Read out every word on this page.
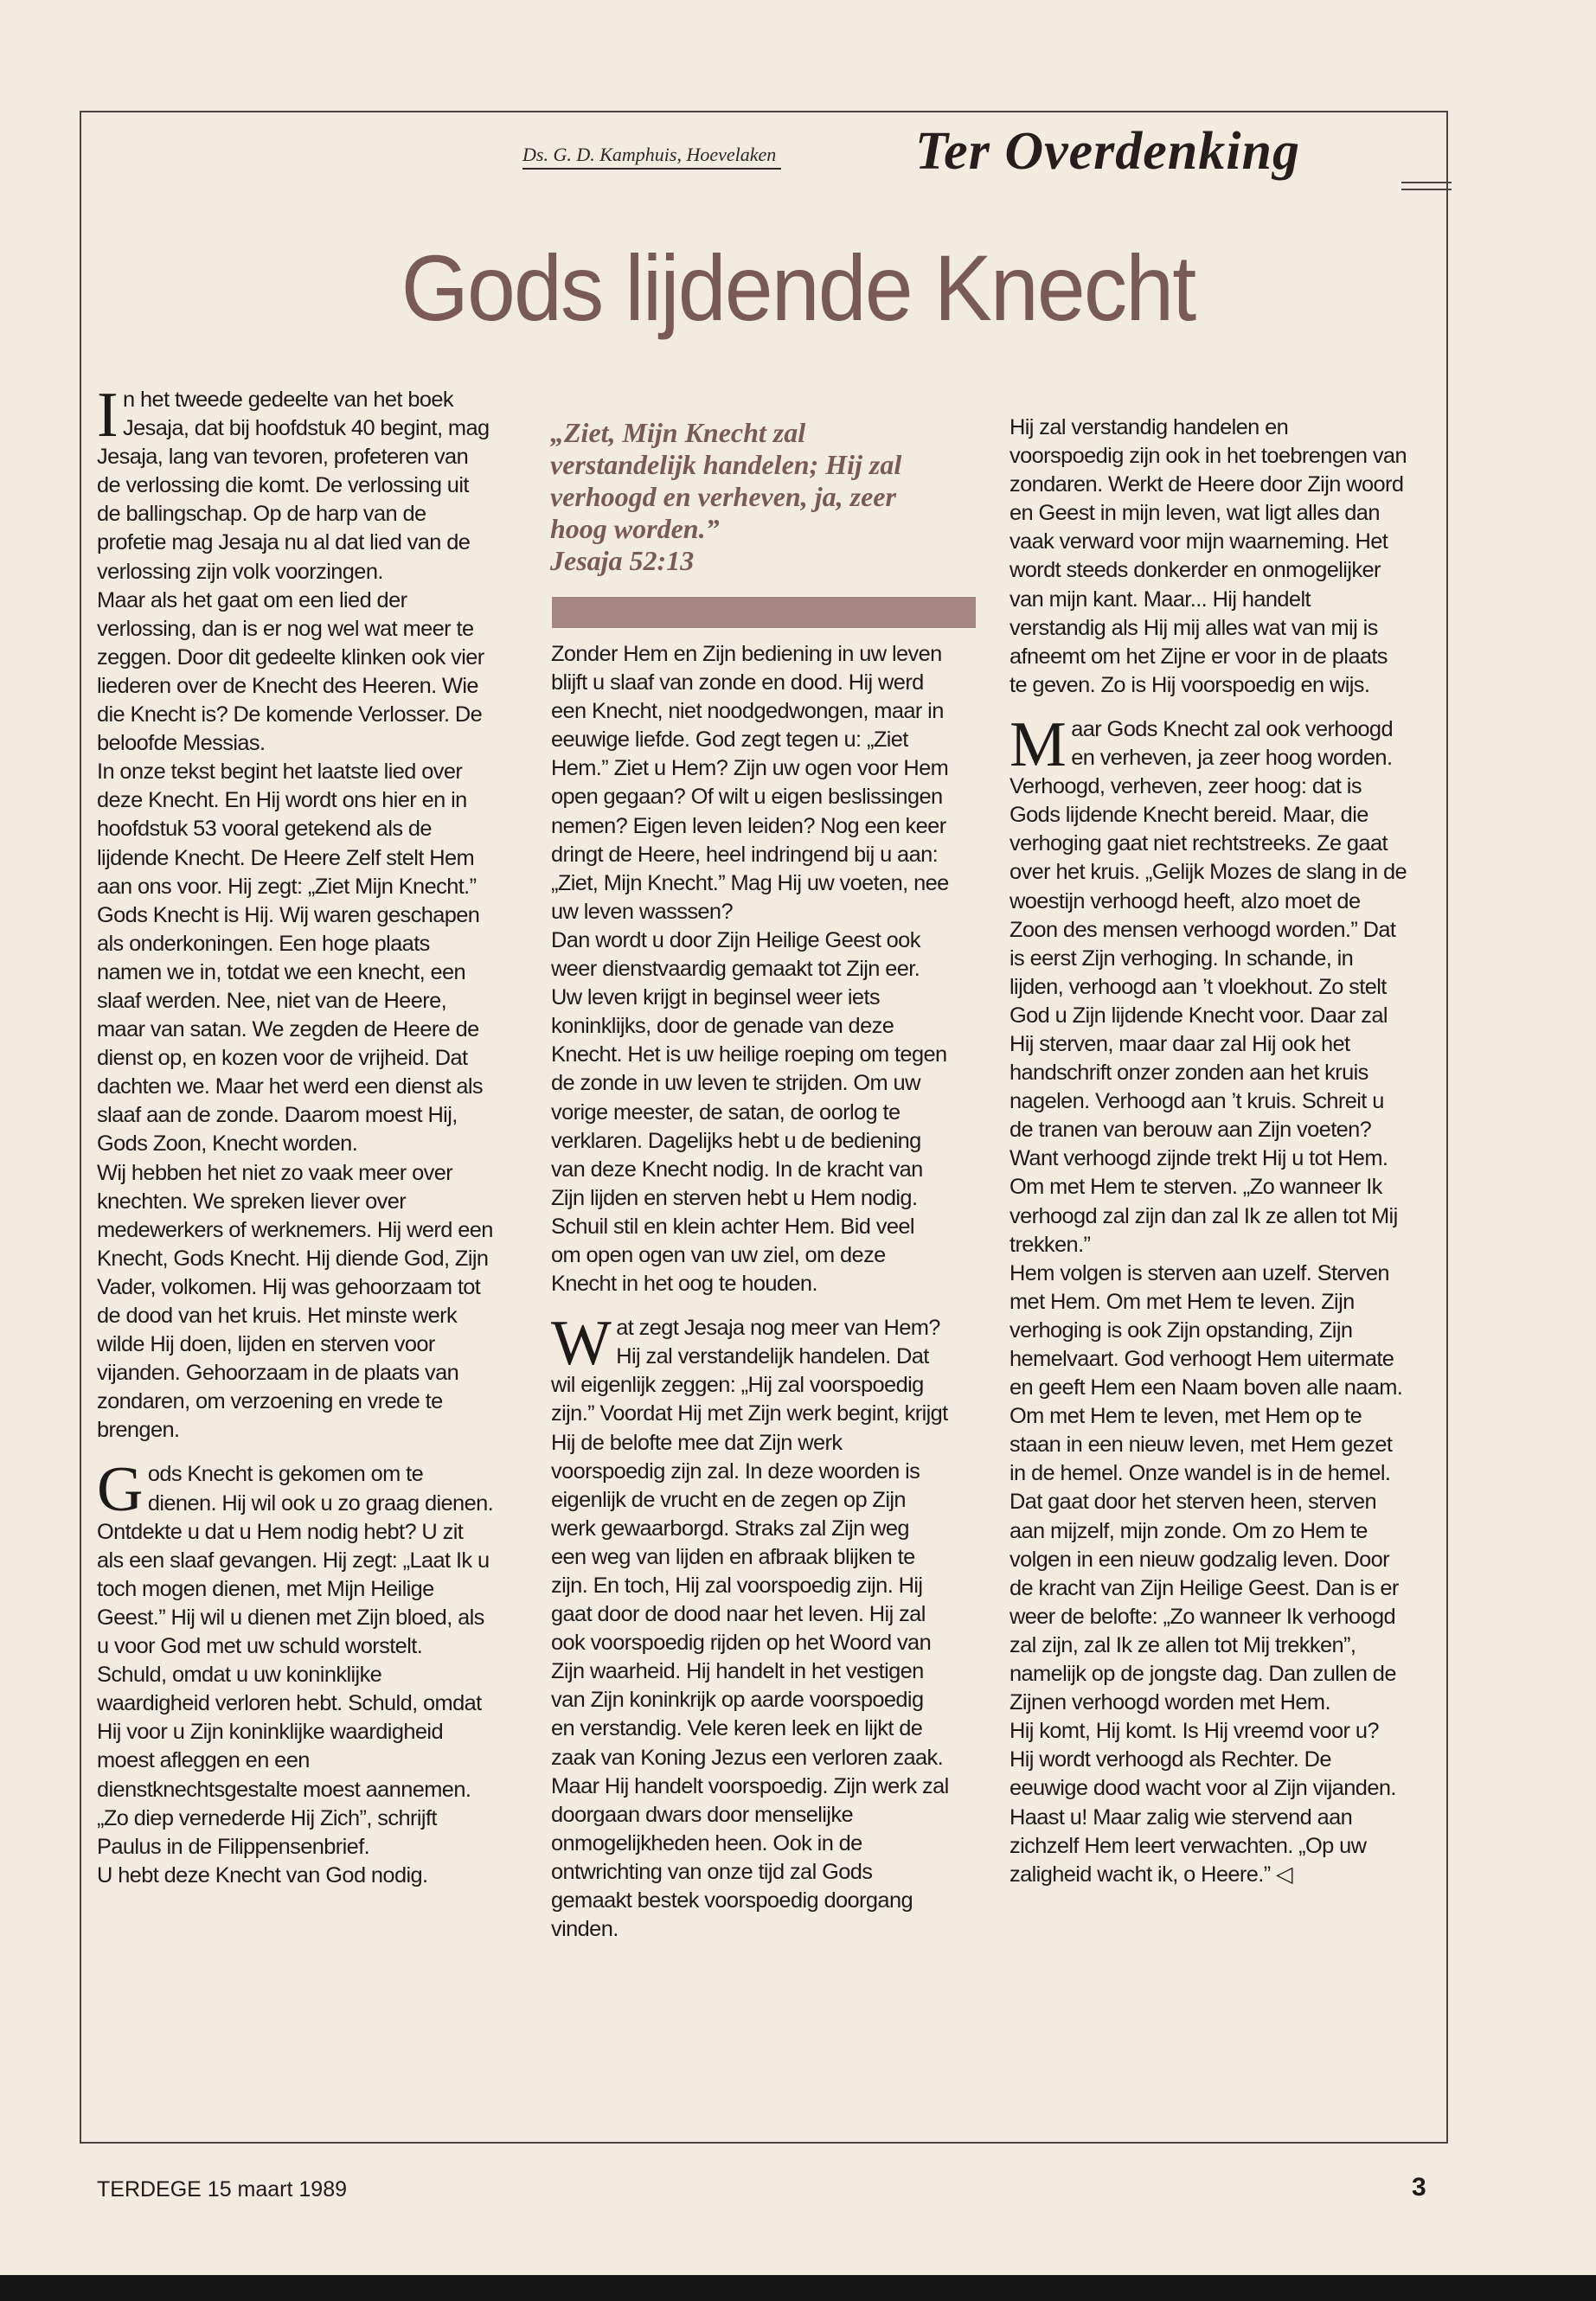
Ds. G. D. Kamphuis, Hoevelaken	Ter Overdenking
Gods lijdende Knecht

In het tweede gedeelte van het boek Jesaja, dat bij hoofdstuk 40 begint, mag Jesaja, lang van tevoren, profeteren van de verlossing die komt. De verlossing uit de ballingschap. Op de harp van de profetie mag Jesaja nu al dat lied van de verlossing zijn volk voorzingen.

Maar als het gaat om een lied der verlossing, dan is er nog wel wat meer te zeggen. Door dit gedeelte klinken ook vier liederen over de Knecht des Heeren. Wie die Knecht is? De komende Verlosser. De beloofde Messias.

In onze tekst begint het laatste lied over deze Knecht. En Hij wordt ons hier en in hoofdstuk 53 vooral getekend als de lijdende Knecht. De Heere Zelf stelt Hem aan ons voor. Hij zegt: „Ziet Mijn Knecht.” Gods Knecht is Hij. Wij waren geschapen als onderkoningen. Een hoge plaats namen we in, totdat we een knecht, een slaaf werden. Nee, niet van de Heere, maar van satan. We zegden de Heere de dienst op, en kozen voor de vrijheid. Dat dachten we. Maar het werd een dienst als slaaf aan de zonde. Daarom moest Hij, Gods Zoon, Knecht worden.

Wij hebben het niet zo vaak meer over knechten. We spreken liever over medewerkers of werknemers. Hij werd een Knecht, Gods Knecht. Hij diende God, Zijn Vader, volkomen. Hij was gehoorzaam tot de dood van het kruis. Het minste werk wilde Hij doen, lijden en sterven voor vijanden. Gehoorzaam in de plaats van zondaren, om verzoening en vrede te brengen.

Gods Knecht is gekomen om te dienen. Hij wil ook u zo graag dienen. Ontdekte u dat u Hem nodig hebt? U zit als een slaaf gevangen. Hij zegt: „Laat Ik u toch mogen dienen, met Mijn Heilige Geest.” Hij wil u dienen met Zijn bloed, als u voor God met uw schuld worstelt. Schuld, omdat u uw koninklijke waardigheid verloren hebt. Schuld, omdat Hij voor u Zijn koninklijke waardigheid moest afleggen en een dienstknechtsgestalte moest aannemen. „Zo diep vernederde Hij Zich”, schrijft Paulus in de Filippensenbrief.

U hebt deze Knecht van God nodig.

„Ziet, Mijn Knecht zal verstandelijk handelen; Hij zal verhoogd en verheven, ja, zeer hoog worden.”
Jesaja 52:13

Zonder Hem en Zijn bediening in uw leven blijft u slaaf van zonde en dood. Hij werd een Knecht, niet noodgedwongen, maar in eeuwige liefde. God zegt tegen u: „Ziet Hem.” Ziet u Hem? Zijn uw ogen voor Hem open gegaan? Of wilt u eigen beslissingen nemen? Eigen leven leiden? Nog een keer dringt de Heere, heel indringend bij u aan: „Ziet, Mijn Knecht.” Mag Hij uw voeten, nee uw leven wasssen?

Dan wordt u door Zijn Heilige Geest ook weer dienstvaardig gemaakt tot Zijn eer. Uw leven krijgt in beginsel weer iets koninklijks, door de genade van deze Knecht. Het is uw heilige roeping om tegen de zonde in uw leven te strijden. Om uw vorige meester, de satan, de oorlog te verklaren. Dagelijks hebt u de bediening van deze Knecht nodig. In de kracht van Zijn lijden en sterven hebt u Hem nodig. Schuil stil en klein achter Hem. Bid veel om open ogen van uw ziel, om deze Knecht in het oog te houden.

Wat zegt Jesaja nog meer van Hem? Hij zal verstandelijk handelen. Dat wil eigenlijk zeggen: „Hij zal voorspoedig zijn.” Voordat Hij met Zijn werk begint, krijgt Hij de belofte mee dat Zijn werk voorspoedig zijn zal. In deze woorden is eigenlijk de vrucht en de zegen op Zijn werk gewaarborgd. Straks zal Zijn weg een weg van lijden en afbraak blijken te zijn. En toch, Hij zal voorspoedig zijn. Hij gaat door de dood naar het leven. Hij zal ook voorspoedig rijden op het Woord van Zijn waarheid. Hij handelt in het vestigen van Zijn koninkrijk op aarde voorspoedig en verstandig. Vele keren leek en lijkt de zaak van Koning Jezus een verloren zaak. Maar Hij handelt voorspoedig. Zijn werk zal doorgaan dwars door menselijke onmogelijkheden heen. Ook in de ontwrichting van onze tijd zal Gods gemaakt bestek voorspoedig doorgang vinden.

Hij zal verstandig handelen en voorspoedig zijn ook in het toebrengen van zondaren. Werkt de Heere door Zijn woord en Geest in mijn leven, wat ligt alles dan vaak verward voor mijn waarneming. Het wordt steeds donkerder en onmogelijker van mijn kant. Maar... Hij handelt verstandig als Hij mij alles wat van mij is afneemt om het Zijne er voor in de plaats te geven. Zo is Hij voorspoedig en wijs.

Maar Gods Knecht zal ook verhoogd en verheven, ja zeer hoog worden. Verhoogd, verheven, zeer hoog: dat is Gods lijdende Knecht bereid. Maar, die verhoging gaat niet rechtstreeks. Ze gaat over het kruis. „Gelijk Mozes de slang in de woestijn verhoogd heeft, alzo moet de Zoon des mensen verhoogd worden.” Dat is eerst Zijn verhoging. In schande, in lijden, verhoogd aan ’t vloekhout. Zo stelt God u Zijn lijdende Knecht voor. Daar zal Hij sterven, maar daar zal Hij ook het handschrift onzer zonden aan het kruis nagelen. Verhoogd aan ’t kruis. Schreit u de tranen van berouw aan Zijn voeten? Want verhoogd zijnde trekt Hij u tot Hem. Om met Hem te sterven. „Zo wanneer Ik verhoogd zal zijn dan zal Ik ze allen tot Mij trekken.”

Hem volgen is sterven aan uzelf. Sterven met Hem. Om met Hem te leven. Zijn verhoging is ook Zijn opstanding, Zijn hemelvaart. God verhoogt Hem uitermate en geeft Hem een Naam boven alle naam. Om met Hem te leven, met Hem op te staan in een nieuw leven, met Hem gezet in de hemel. Onze wandel is in de hemel. Dat gaat door het sterven heen, sterven aan mijzelf, mijn zonde. Om zo Hem te volgen in een nieuw godzalig leven. Door de kracht van Zijn Heilige Geest. Dan is er weer de belofte: „Zo wanneer Ik verhoogd zal zijn, zal Ik ze allen tot Mij trekken”, namelijk op de jongste dag. Dan zullen de Zijnen verhoogd worden met Hem.

Hij komt, Hij komt. Is Hij vreemd voor u? Hij wordt verhoogd als Rechter. De eeuwige dood wacht voor al Zijn vijanden. Haast u! Maar zalig wie stervend aan zichzelf Hem leert verwachten. „Op uw zaligheid wacht ik, o Heere.” ◁

TERDEGE 15 maart 1989	3
